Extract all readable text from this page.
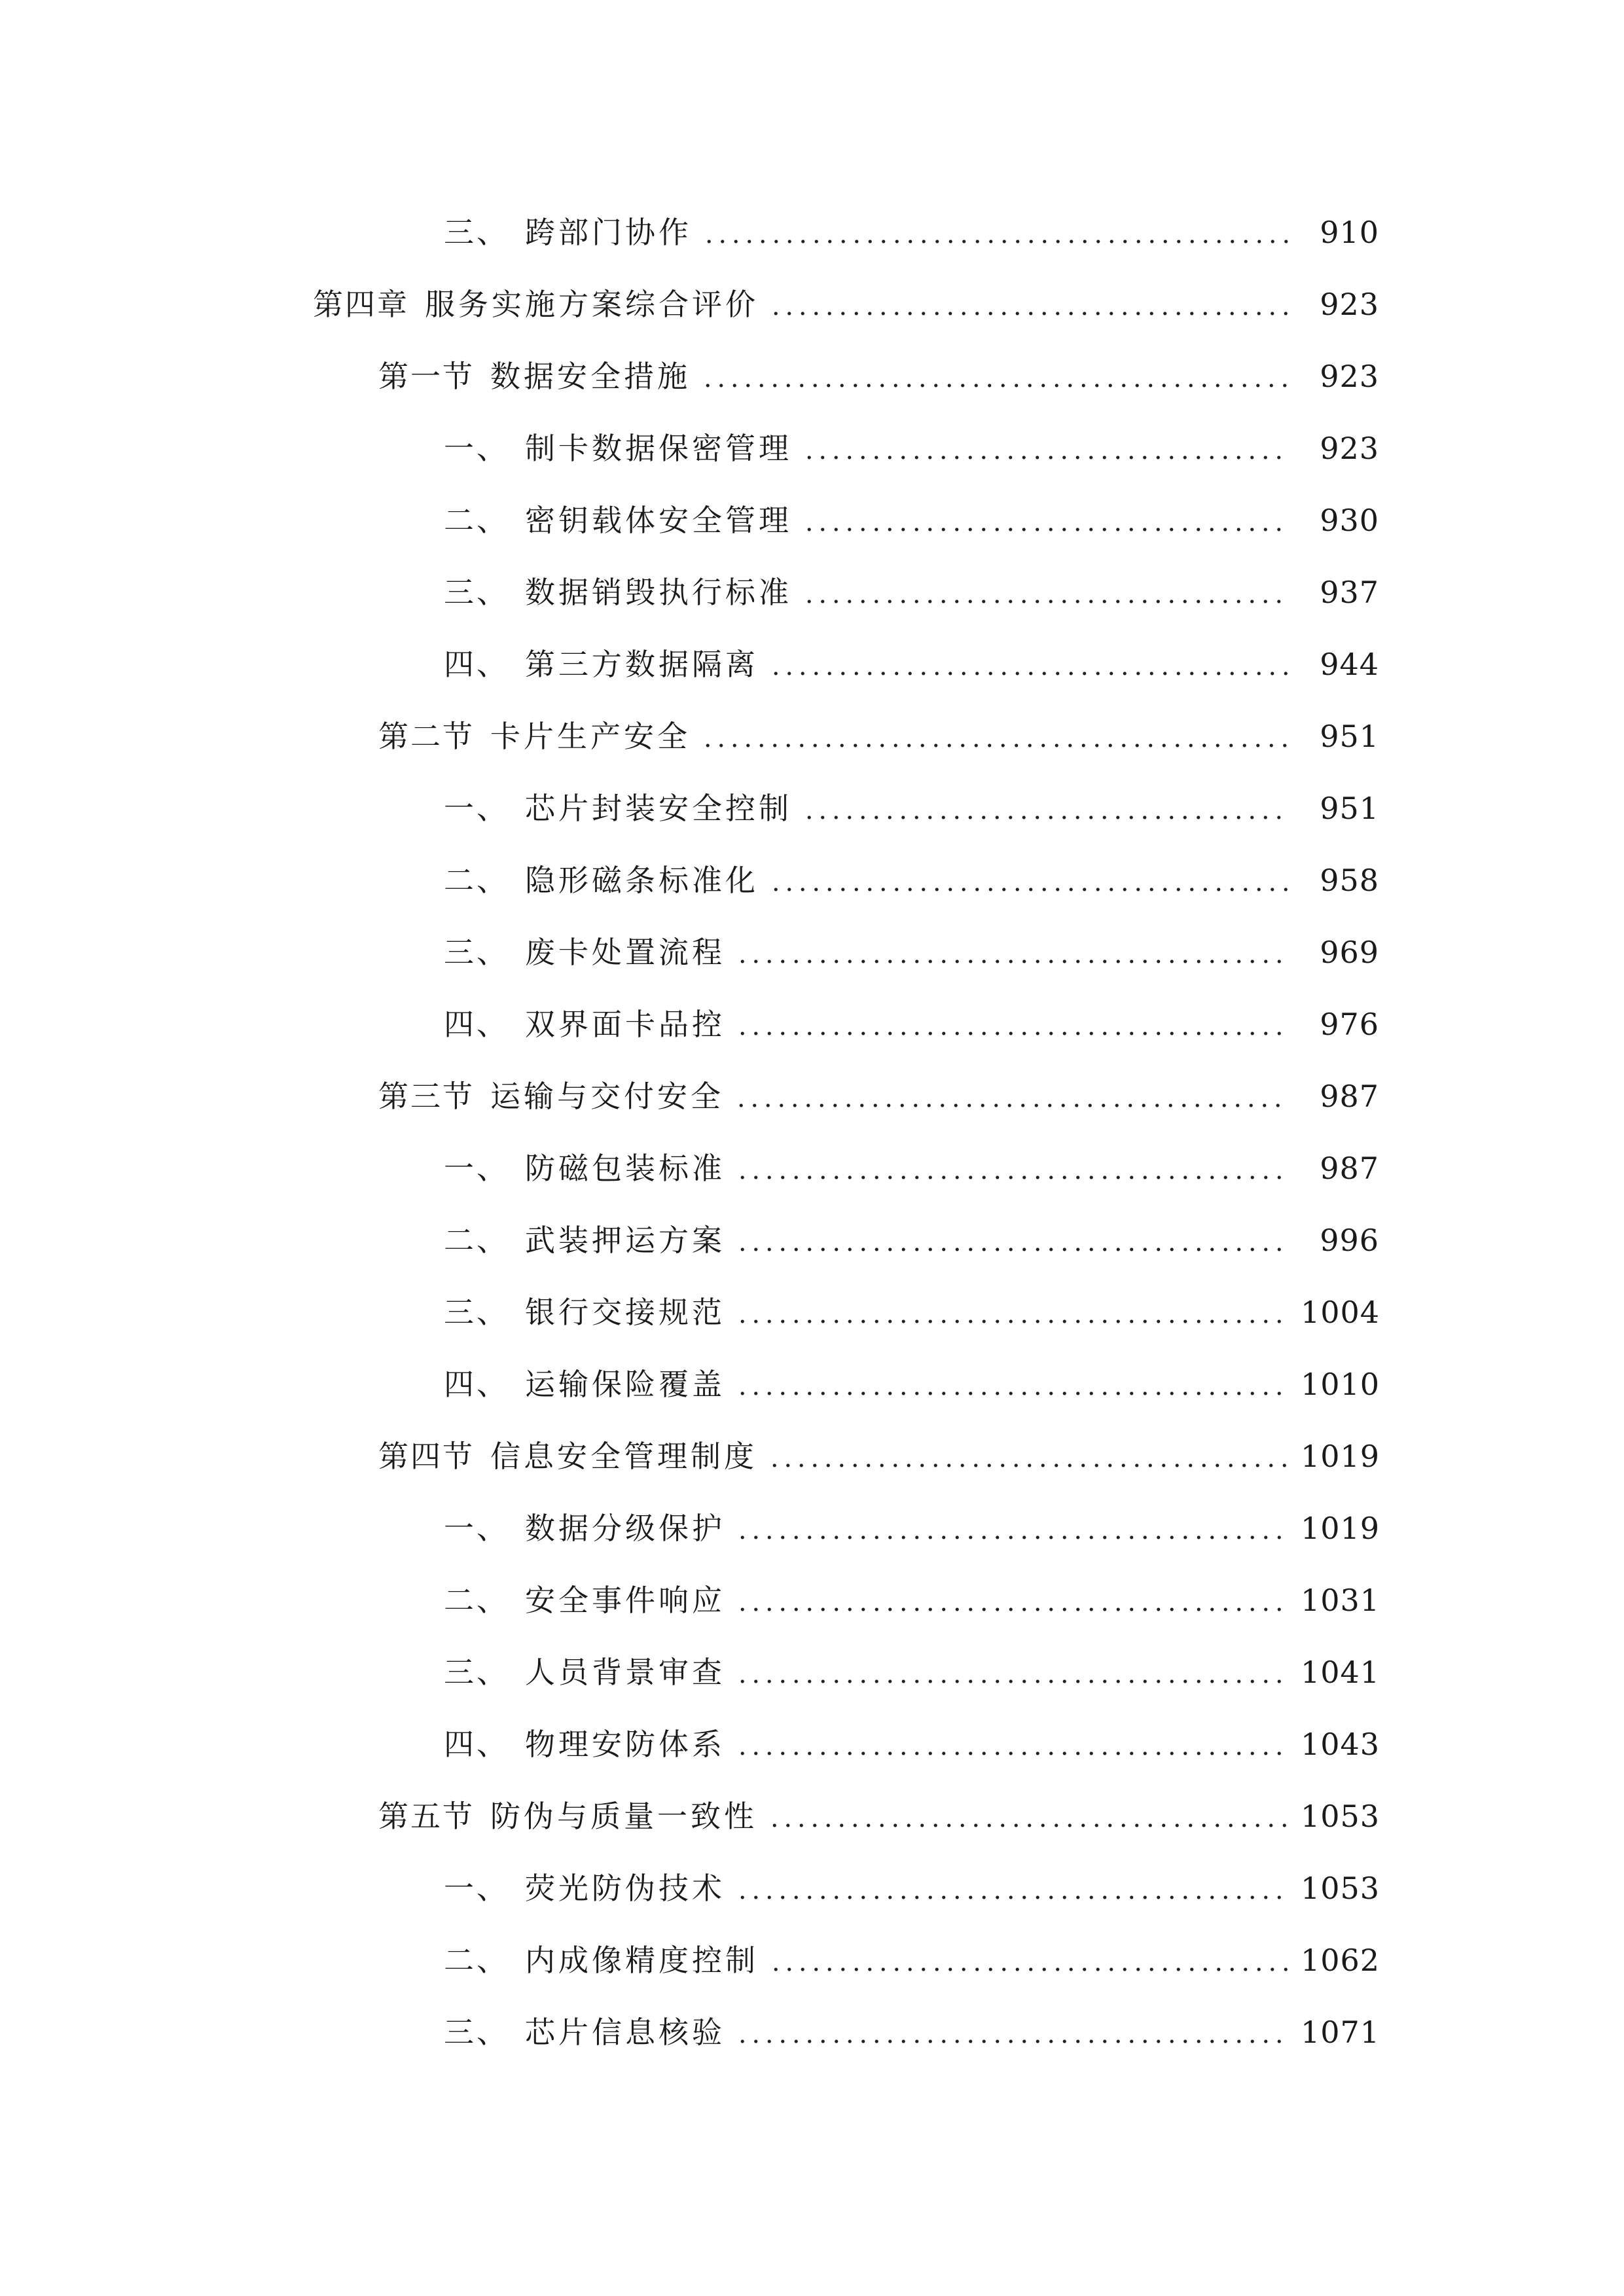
三、 跨部门协作	910
第四章 服务实施方案综合评价	923
第一节 数据安全措施	923
一、 制卡数据保密管理	923
二、 密钥载体安全管理	930
三、 数据销毁执行标准	937
四、 第三方数据隔离	944
第二节 卡片生产安全	951
一、 芯片封装安全控制	951
二、 隐形磁条标准化	958
三、 废卡处置流程	969
四、 双界面卡品控	976
第三节 运输与交付安全	987
一、 防磁包装标准	987
二、 武装押运方案	996
三、 银行交接规范	1004
四、 运输保险覆盖	1010
第四节 信息安全管理制度	1019
一、 数据分级保护	1019
二、 安全事件响应	1031
三、 人员背景审查	1041
四、 物理安防体系	1043
第五节 防伪与质量一致性	1053
一、 荧光防伪技术	1053
二、 内成像精度控制	1062
三、 芯片信息核验	1071
